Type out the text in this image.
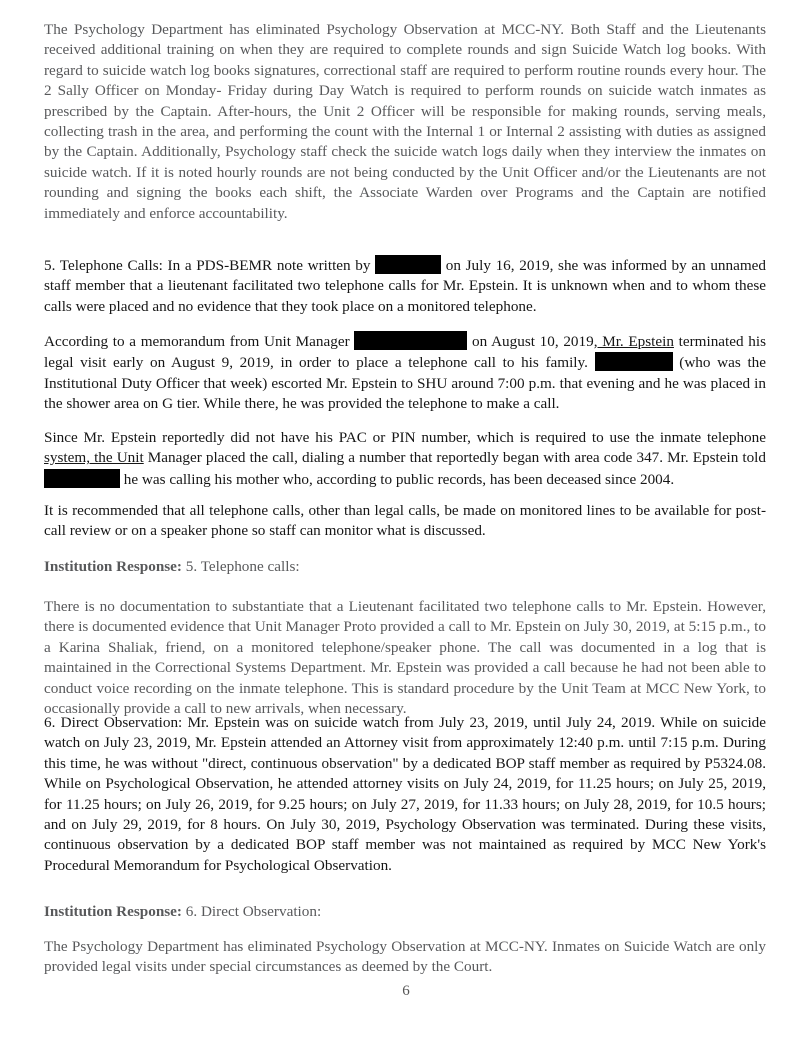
The Psychology Department has eliminated Psychology Observation at MCC-NY. Both Staff and the Lieutenants received additional training on when they are required to complete rounds and sign Suicide Watch log books. With regard to suicide watch log books signatures, correctional staff are required to perform routine rounds every hour. The 2 Sally Officer on Monday- Friday during Day Watch is required to perform rounds on suicide watch inmates as prescribed by the Captain. After-hours, the Unit 2 Officer will be responsible for making rounds, serving meals, collecting trash in the area, and performing the count with the Internal 1 or Internal 2 assisting with duties as assigned by the Captain. Additionally, Psychology staff check the suicide watch logs daily when they interview the inmates on suicide watch. If it is noted hourly rounds are not being conducted by the Unit Officer and/or the Lieutenants are not rounding and signing the books each shift, the Associate Warden over Programs and the Captain are notified immediately and enforce accountability.

5. Telephone Calls: In a PDS-BEMR note written by	on July 16, 2019, she was informed by an unnamed staff member that a lieutenant facilitated two telephone calls for Mr. Epstein. It is unknown when and to whom these calls were placed and no evidence that they took place on a monitored telephone.

According to a memorandum from Unit Manager	on August 10, 2019, Mr. Epstein terminated his legal visit early on August 9, 2019, in order to place a telephone call to his family.	(who was the Institutional Duty Officer that week) escorted Mr. Epstein to SHU around 7:00 p.m. that evening and he was placed in the shower area on G tier. While there, he was provided the telephone to make a call.

Since Mr. Epstein reportedly did not have his PAC or PIN number, which is required to use the inmate telephone system, the Unit Manager placed the call, dialing a number that reportedly began with area code 347. Mr. Epstein told  he was calling his mother who, according to public records, has been deceased since 2004.

It is recommended that all telephone calls, other than legal calls, be made on monitored lines to be available for post-call review or on a speaker phone so staff can monitor what is discussed.

Institution Response: 5. Telephone calls:

There is no documentation to substantiate that a Lieutenant facilitated two telephone calls to Mr. Epstein. However, there is documented evidence that Unit Manager Proto provided a call to Mr. Epstein on July 30, 2019, at 5:15 p.m., to a Karina Shaliak, friend, on a monitored telephone/speaker phone. The call was documented in a log that is maintained in the Correctional Systems Department. Mr. Epstein was provided a call because he had not been able to conduct voice recording on the inmate telephone. This is standard procedure by the Unit Team at MCC New York, to occasionally provide a call to new arrivals, when necessary.

6. Direct Observation: Mr. Epstein was on suicide watch from July 23, 2019, until July 24, 2019. While on suicide watch on July 23, 2019, Mr. Epstein attended an Attorney visit from approximately 12:40 p.m. until 7:15 p.m. During this time, he was without "direct, continuous observation" by a dedicated BOP staff member as required by P5324.08. While on Psychological Observation, he attended attorney visits on July 24, 2019, for 11.25 hours; on July 25, 2019, for 11.25 hours; on July 26, 2019, for 9.25 hours; on July 27, 2019, for 11.33 hours; on July 28, 2019, for 10.5 hours; and on July 29, 2019, for 8 hours. On July 30, 2019, Psychology Observation was terminated. During these visits, continuous observation by a dedicated BOP staff member was not maintained as required by MCC New York's Procedural Memorandum for Psychological Observation.

Institution Response: 6. Direct Observation:

The Psychology Department has eliminated Psychology Observation at MCC-NY. Inmates on Suicide Watch are only provided legal visits under special circumstances as deemed by the Court.

6
